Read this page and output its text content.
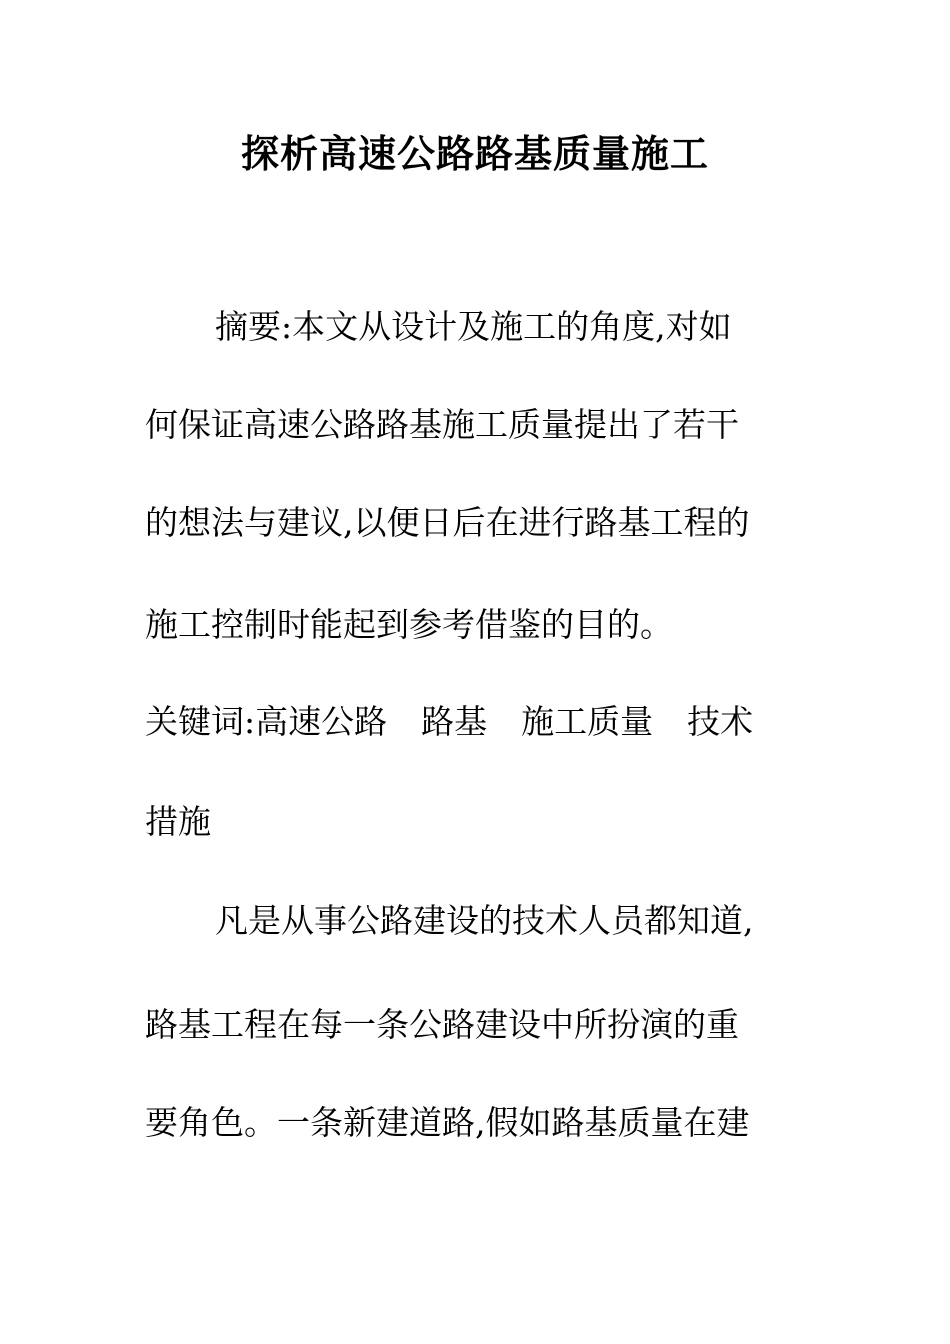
探析高速公路路基质量施工
摘要:本文从设计及施工的角度,对如
何保证高速公路路基施工质量提出了若干
的想法与建议,以便日后在进行路基工程的
施工控制时能起到参考借鉴的目的。
关键词:高速公路 路基 施工质量 技术
措施
凡是从事公路建设的技术人员都知道,
路基工程在每一条公路建设中所扮演的重
要角色。一条新建道路,假如路基质量在建
